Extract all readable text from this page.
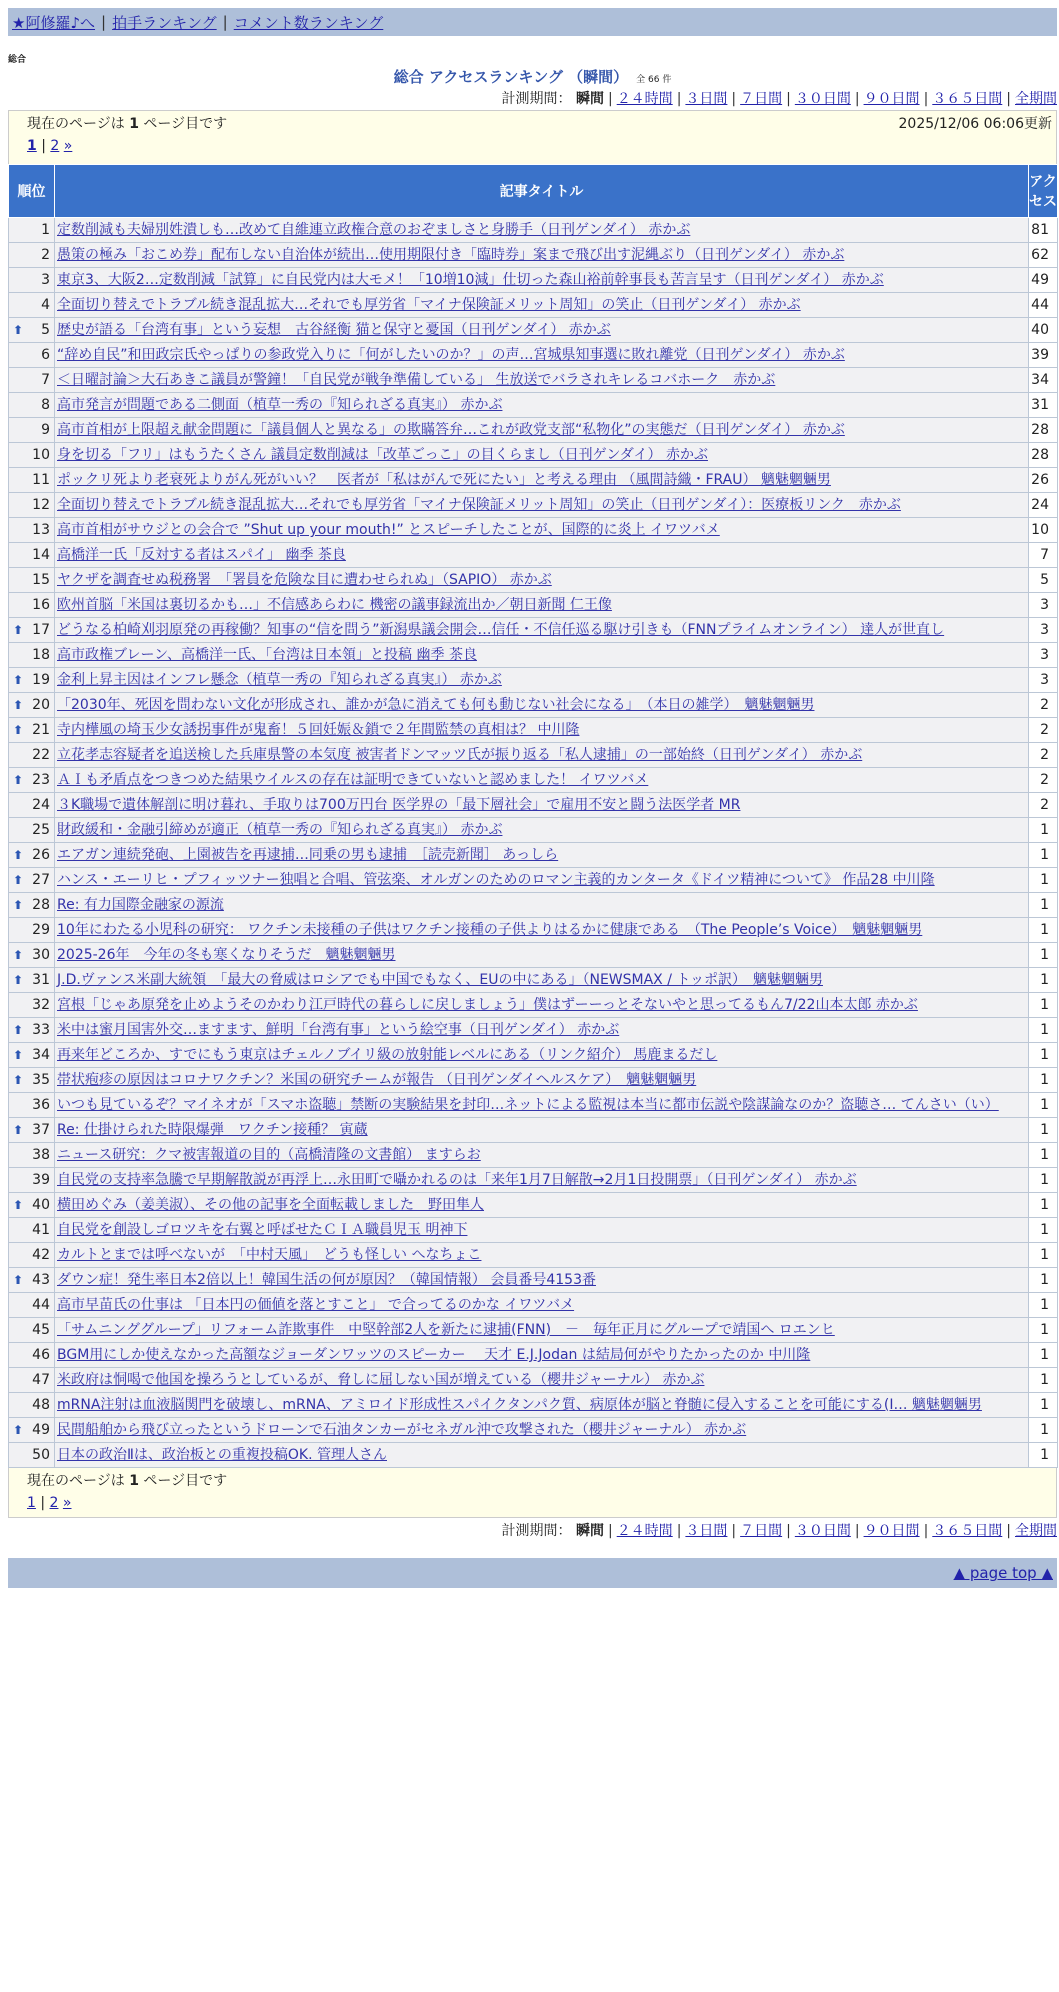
★阿修羅♪へ | 拍手ランキング | コメント数ランキング
総合
総合 アクセスランキング （瞬間） 全 66 件
計測期間： 瞬間 | ２４時間 | ３日間 | ７日間 | ３０日間 | ９０日間 | ３６５日間 | 全期間
現在のページは 1 ページ目です	2025/12/06 06:06更新
1 | 2 »
順位	記事タイトル	アクセス
1	定数削減も夫婦別姓潰しも…改めて自維連立政権合意のおぞましさと身勝手（日刊ゲンダイ） 赤かぶ	81
2	愚策の極み「おこめ券」配布しない自治体が続出…使用期限付き「臨時券」案まで飛び出す泥縄ぶり（日刊ゲンダイ） 赤かぶ	62
3	東京3、大阪2…定数削減「試算」に自民党内は大モメ！「10増10減」仕切った森山裕前幹事長も苦言呈す（日刊ゲンダイ） 赤かぶ	49
4	全面切り替えでトラブル続き混乱拡大…それでも厚労省「マイナ保険証メリット周知」の笑止（日刊ゲンダイ） 赤かぶ	44

⬆ 5	歴史が語る「台湾有事」という妄想　古谷経衡 猫と保守と憂国（日刊ゲンダイ） 赤かぶ	40
6	“辞め自民”和田政宗氏やっぱりの参政党入りに「何がしたいのか？」の声…宮城県知事選に敗れ離党（日刊ゲンダイ） 赤かぶ	39
7	＜日曜討論＞大石あきこ議員が警鐘！「自民党が戦争準備している」 生放送でバラされキレるコバホーク　赤かぶ	34
8	高市発言が問題である二側面（植草一秀の『知られざる真実』） 赤かぶ	31
9	高市首相が上限超え献金問題に「議員個人と異なる」の欺瞞答弁…これが政党支部“私物化”の実態だ（日刊ゲンダイ） 赤かぶ	28
10	身を切る「フリ」はもうたくさん 議員定数削減は「改革ごっこ」の目くらまし（日刊ゲンダイ） 赤かぶ	28
11	ポックリ死より老衰死よりがん死がいい？　医者が「私はがんで死にたい」と考える理由 （風間詩織・FRAU） 魑魅魍魎男	26
12	全面切り替えでトラブル続き混乱拡大…それでも厚労省「マイナ保険証メリット周知」の笑止（日刊ゲンダイ）：医療板リンク　赤かぶ	24
13	高市首相がサウジとの会合で ”Shut up your mouth!” とスピーチしたことが、国際的に炎上 イワツバメ	10
14	高橋洋一氏「反対する者はスパイ」 幽季 茶良	7
15	ヤクザを調査せぬ税務署　「署員を危険な目に遭わせられぬ」（SAPIO） 赤かぶ	5
16	欧州首脳「米国は裏切るかも…」不信感あらわに 機密の議事録流出か／朝日新聞 仁王像	3

⬆ 17	どうなる柏崎刈羽原発の再稼働？知事の“信を問う”新潟県議会開会…信任・不信任巡る駆け引きも（FNNプライムオンライン） 達人が世直し	3
18	高市政権ブレーン、高橋洋一氏、「台湾は日本領」と投稿 幽季 茶良	3

⬆ 19	金利上昇主因はインフレ懸念（植草一秀の『知られざる真実』） 赤かぶ	3

⬆ 20	「2030年、死因を問わない文化が形成され、誰かが急に消えても何も動じない社会になる」　（本日の雑学）　魑魅魍魎男	2

⬆ 21	寺内樺風の埼玉少女誘拐事件が鬼畜！５回妊娠＆鎖で２年間監禁の真相は？ 中川隆	2
22	立花孝志容疑者を追送検した兵庫県警の本気度 被害者ドンマッツ氏が振り返る「私人逮捕」の一部始終（日刊ゲンダイ） 赤かぶ	2

⬆ 23	ＡＩも矛盾点をつきつめた結果ウイルスの存在は証明できていないと認めました！ イワツバメ	2
24	３K職場で遺体解剖に明け暮れ、手取りは700万円台 医学界の「最下層社会」で雇用不安と闘う法医学者 MR	2
25	財政緩和・金融引締めが適正（植草一秀の『知られざる真実』） 赤かぶ	1

⬆ 26	エアガン連続発砲、上園被告を再逮捕…同乗の男も逮捕　［読売新聞］ あっしら	1

⬆ 27	ハンス・エーリヒ・プフィッツナー独唱と合唱、管弦楽、オルガンのためのロマン主義的カンタータ《ドイツ精神について》 作品28 中川隆	1

⬆ 28	Re: 有力国際金融家の源流	1
29	10年にわたる小児科の研究： ワクチン未接種の子供はワクチン接種の子供よりはるかに健康である　（The People’s Voice）　魑魅魍魎男	1

⬆ 30	2025-26年　今年の冬も寒くなりそうだ　魑魅魍魎男	1

⬆ 31	J.D.ヴァンス米副大統領　「最大の脅威はロシアでも中国でもなく、EUの中にある」（NEWSMAX / トッポ訳）　魑魅魍魎男	1
32	宮根「じゃあ原発を止めようそのかわり江戸時代の暮らしに戻しましょう」僕はずーーっとそないやと思ってるもん7/22山本太郎 赤かぶ	1

⬆ 33	米中は蜜月国害外交…ますます、鮮明「台湾有事」という絵空事（日刊ゲンダイ） 赤かぶ	1

⬆ 34	再来年どころか、すでにもう東京はチェルノブイリ級の放射能レベルにある（リンク紹介） 馬鹿まるだし	1

⬆ 35	帯状疱疹の原因はコロナワクチン？米国の研究チームが報告 （日刊ゲンダイヘルスケア）　魑魅魍魎男	1
36	いつも見ているぞ？マイネオが「スマホ盗聴」禁断の実験結果を封印…ネットによる監視は本当に都市伝説や陰謀論なのか？盗聴さ… てんさい（い）	1

⬆ 37	Re: 仕掛けられた時限爆弾　ワクチン接種？ 寅蔵	1
38	ニュース研究：クマ被害報道の目的（高橋清隆の文書館） ますらお	1
39	自民党の支持率急騰で早期解散説が再浮上…永田町で囁かれるのは「来年1月7日解散→2月1日投開票」（日刊ゲンダイ） 赤かぶ	1

⬆ 40	横田めぐみ（姜美淑）、その他の記事を全面転載しました　野田隼人	1
41	自民党を創設しゴロツキを右翼と呼ばせたＣＩＡ職員児玉 明神下	1
42	カルトとまでは呼べないが　「中村天風」　どうも怪しい へなちょこ	1

⬆ 43	ダウン症！発生率日本2倍以上！韓国生活の何が原因？（韓国情報） 会員番号4153番	1
44	高市早苗氏の仕事は 「日本円の価値を落とすこと」 で合ってるのかな イワツバメ	1
45	「サムニンググループ」リフォーム詐欺事件　中堅幹部2人を新たに逮捕(FNN)　－　毎年正月にグループで靖国へ ロエンヒ	1
46	BGM用にしか使えなかった高額なジョーダンワッツのスピーカー ＿天才 E.J.Jodan は結局何がやりたかったのか 中川隆	1
47	米政府は恫喝で他国を操ろうとしているが、脅しに屈しない国が増えている（櫻井ジャーナル） 赤かぶ	1
48	mRNA注射は血液脳関門を破壊し、mRNA、アミロイド形成性スパイクタンパク質、病原体が脳と脊髄に侵入することを可能にする(I… 魑魅魍魎男	1

⬆ 49	民間船舶から飛び立ったというドローンで石油タンカーがセネガル沖で攻撃された（櫻井ジャーナル） 赤かぶ	1
50	日本の政治Ⅱは、政治板との重複投稿OK. 管理人さん	1
現在のページは 1 ページ目です
1 | 2 »
計測期間： 瞬間 | ２４時間 | ３日間 | ７日間 | ３０日間 | ９０日間 | ３６５日間 | 全期間
▲ page top ▲
